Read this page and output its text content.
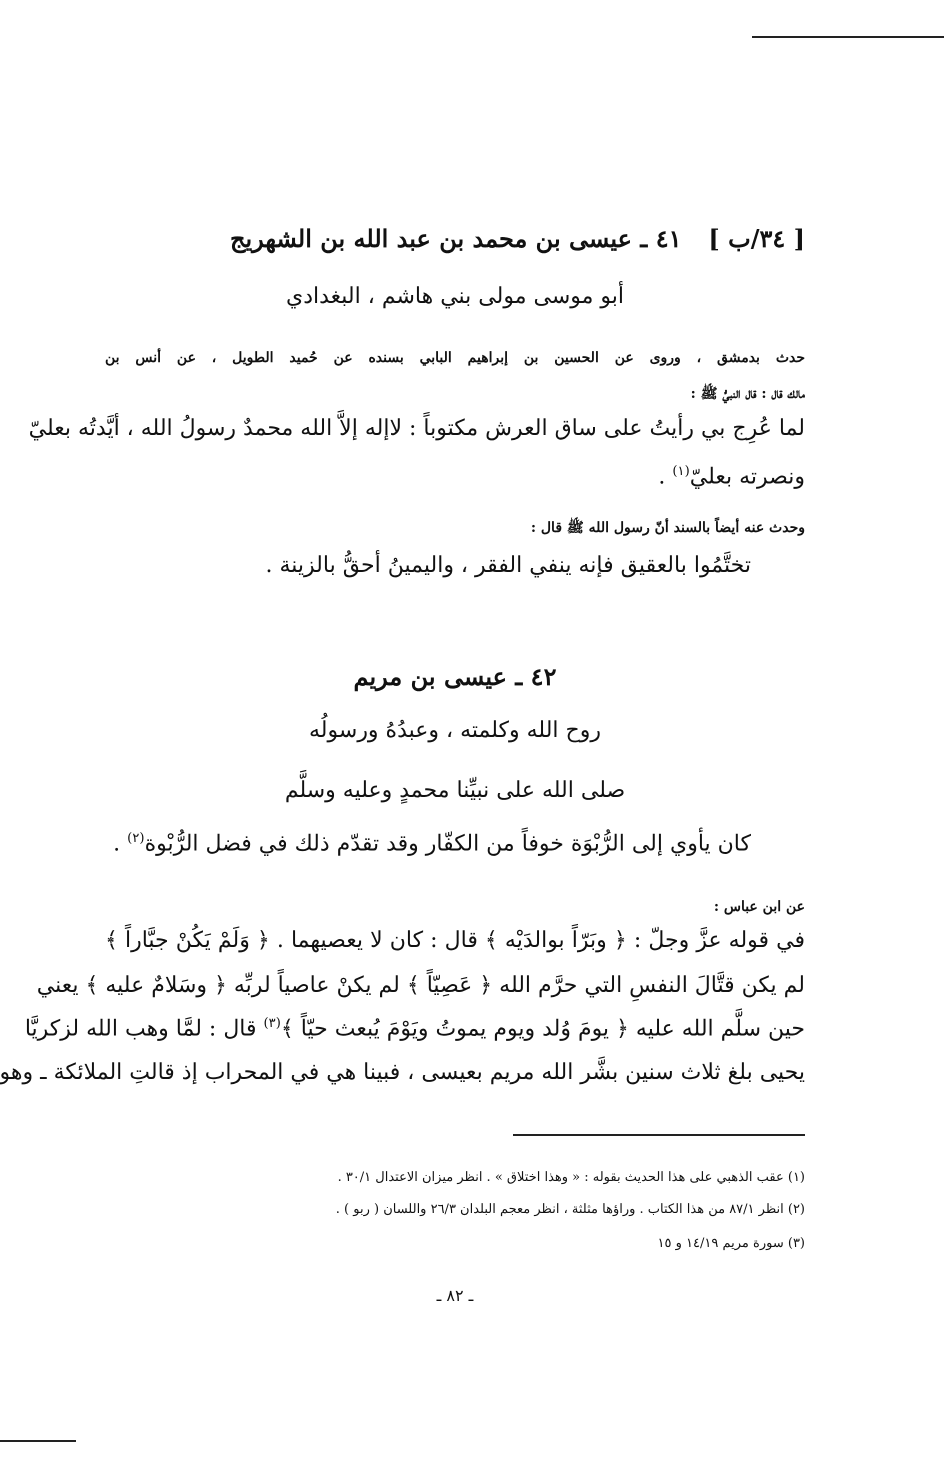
[ ٣٤/ب ]
٤١ ـ عيسى بن محمد بن عبد الله بن الشهريج
أبو موسى مولى بني هاشم ، البغدادي
حدث بدمشق ، وروى عن الحسين بن إبراهيم البابي بسنده عن حُميد الطويل ، عن أنس بن
مالك قال : قال النبيُّ ﷺ :
لما عُرِج بي رأيتُ على ساق العرش مكتوباً : لاإله إلاَّ الله محمدٌ رسولُ الله ، أيَّدتُه بعليّ
ونصرته بعليّ$^{(١)}$ .
وحدث عنه أيضاً بالسند أنّ رسول الله ﷺ قال :
تختَّمُوا بالعقيق فإنه ينفي الفقر ، واليمينُ أحقُّ بالزينة .
٤٢ ـ عيسى بن مريم
روح الله وكلمته ، وعبدُهُ ورسولُه
صلى الله على نبيِّنا محمدٍ وعليه وسلَّم
كان يأوي إلى الرُّبْوَة خوفاً من الكفّار وقد تقدّم ذلك في فضل الرُّبْوة$^{(٢)}$ .
عن ابن عباس :
في قوله عزَّ وجلّ : ﴿ وبَرّاً بوالدَيْه ﴾ قال : كان لا يعصيهما . ﴿ وَلَمْ يَكُنْ جبَّاراً ﴾
لم يكن قتَّالَ النفسِ التي حرَّم الله ﴿ عَصِيّاً ﴾ لم يكنْ عاصياً لربِّه ﴿ وسَلامٌ عليه ﴾ يعني
حين سلَّم الله عليه ﴿ يومَ وُلد ويوم يموتُ ويَوْمَ يُبعث حيّاً ﴾$^{(٣)}$ قال : لمَّا وهب الله لزكريَّا
يحيى بلغ ثلاث سنين بشَّر الله مريم بعيسى ، فبينا هي في المحراب إذ قالتِ الملائكة ـ وهو
(١) عقب الذهبي على هذا الحديث بقوله : « وهذا اختلاق » . انظر ميزان الاعتدال ٣٠/١ .
(٢) انظر ٨٧/١ من هذا الكتاب . وراؤها مثلثة ، انظر معجم البلدان ٢٦/٣ واللسان ( ربو ) .
(٣) سورة مريم ١٤/١٩ و ١٥
ـ ٨٢ ـ
